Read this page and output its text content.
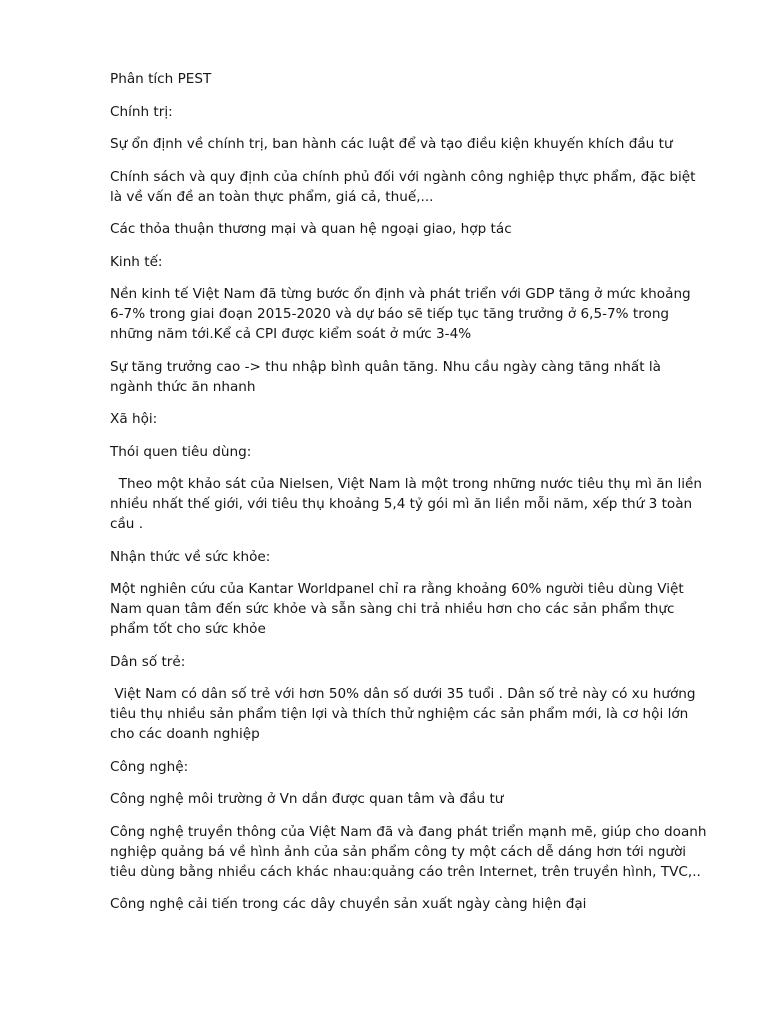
Phân tích PEST

Chính trị:

Sự ổn định về chính trị, ban hành các luật để và tạo điều kiện khuyến khích đầu tư

Chính sách và quy định của chính phủ đối với ngành công nghiệp thực phẩm, đặc biệt là về vấn đề an toàn thực phẩm, giá cả, thuế,...

Các thỏa thuận thương mại và quan hệ ngoại giao, hợp tác

Kinh tế:

Nền kinh tế Việt Nam đã từng bước ổn định và phát triển với GDP tăng ở mức khoảng 6-7% trong giai đoạn 2015-2020 và dự báo sẽ tiếp tục tăng trưởng ở 6,5-7% trong những năm tới.Kể cả CPI được kiểm soát ở mức 3-4%

Sự tăng trưởng cao -> thu nhập bình quân tăng. Nhu cầu ngày càng tăng nhất là ngành thức ăn nhanh

Xã hội:

Thói quen tiêu dùng:

Theo một khảo sát của Nielsen, Việt Nam là một trong những nước tiêu thụ mì ăn liền nhiều nhất thế giới, với tiêu thụ khoảng 5,4 tỷ gói mì ăn liền mỗi năm, xếp thứ 3 toàn cầu .

Nhận thức về sức khỏe:

Một nghiên cứu của Kantar Worldpanel chỉ ra rằng khoảng 60% người tiêu dùng Việt Nam quan tâm đến sức khỏe và sẵn sàng chi trả nhiều hơn cho các sản phẩm thực phẩm tốt cho sức khỏe

Dân số trẻ:

Việt Nam có dân số trẻ với hơn 50% dân số dưới 35 tuổi . Dân số trẻ này có xu hướng tiêu thụ nhiều sản phẩm tiện lợi và thích thử nghiệm các sản phẩm mới, là cơ hội lớn cho các doanh nghiệp

Công nghệ:

Công nghệ môi trường ở Vn dần được quan tâm và đầu tư

Công nghệ truyền thông của Việt Nam đã và đang phát triển mạnh mẽ, giúp cho doanh nghiệp quảng bá về hình ảnh của sản phẩm công ty một cách dễ dáng hơn tới người tiêu dùng bằng nhiều cách khác nhau:quảng cáo trên Internet, trên truyền hình, TVC,..

Công nghệ cải tiến trong các dây chuyền sản xuất ngày càng hiện đại
